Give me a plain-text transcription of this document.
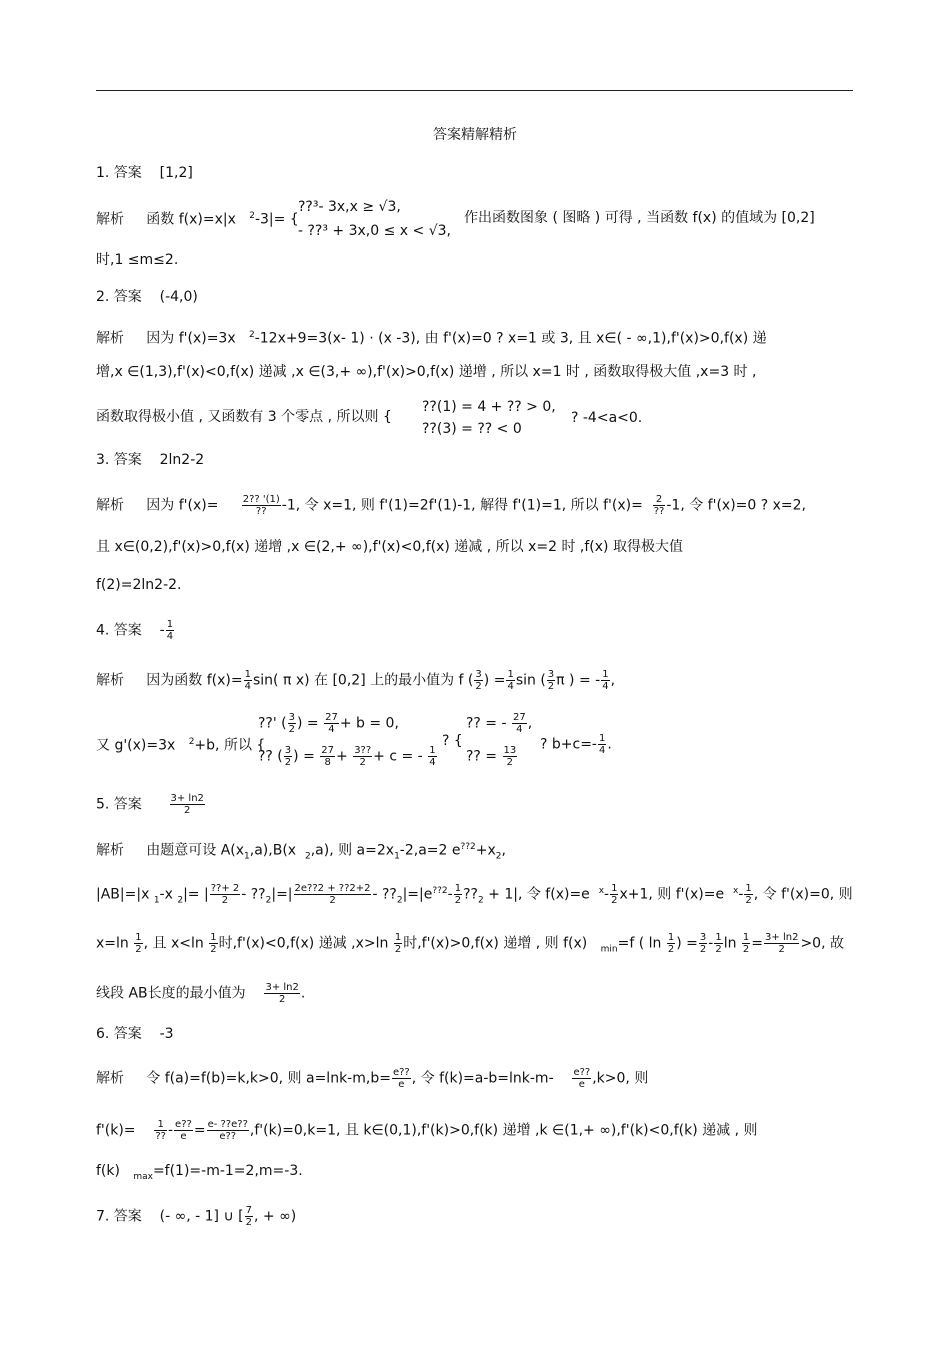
答案精解精析
1. 答案 [1,2]
解析 函数 f(x)=x|x $^2$-3|= {
??³- 3x,x ≥ √3,
- ??³ + 3x,0 ≤ x < √3,
作出函数图象 ( 图略 ) 可得 , 当函数 f(x) 的值域为 [0,2]
时,1 ≤m≤2.
2. 答案 (-4,0)
解析 因为 f'(x)=3x $^2$-12x+9=3(x- 1) · (x -3), 由 f'(x)=0 ? x=1 或 3, 且 x∈( - ∞,1),f'(x)>0,f(x) 递
增,x ∈(1,3),f'(x)<0,f(x) 递减 ,x ∈(3,+ ∞),f'(x)>0,f(x) 递增 , 所以 x=1 时 , 函数取得极大值 ,x=3 时 ,
函数取得极小值 , 又函数有 3 个零点 , 所以则 {
??(1) = 4 + ?? > 0,
??(3) = ?? < 0
? -4<a<0.
3. 答案 2ln2-2
解析 因为 $f'(x)= \frac{2?? '(1)}{??} -1$, 令 x=1, 则 f'(1)=2f'(1)-1, 解得 f'(1)=1, 所以 $f'(x)= \frac{2}{??} -1$, 令 f'(x)=0 ? x=2,
且 x∈(0,2),f'(x)>0,f(x) 递增 ,x ∈(2,+ ∞),f'(x)<0,f(x) 递减 , 所以 x=2 时 ,f(x) 取得极大值
f(2)=2ln2-2.
4. 答案 - $\frac{1}{4}$
解析 因为函数 $f(x)= \frac{1}{4} \sin$( π x) 在 [0,2] 上的最小值为 f ( $\frac{3}{2}$ ) = $\frac{1}{4}$ sin ( $\frac{3}{2}$ π ) = - $\frac{1}{4}$ ,
又 g'(x)=3x $^2$+b, 所以 {
??' ( $\frac{3}{2}$ ) = $\frac{27}{4} + b = 0$,
?? ( $\frac{3}{2}$ ) = $\frac{27}{8} + \frac{3??}{2} + c$ = - $\frac{1}{4}$
? {
?? = - $\frac{27}{4}$ ,
?? = $\frac{13}{2}$
? $b+c=- \frac{1}{4}$ .
5. 答案	$\frac{3+ \ln 2}{2}$
解析 由题意可设 $A(x_1,a),B(x$ $_2$,a), 则 $a=2x_1-2,a=2$ $e^{??2}+x_2$,
|AB|=|x $_1$-x $_2$|= | $\frac{??+ 2}{2}$ - $??_2|=| \frac{2e??2 + ??2+2}{2}$ - $??_2|=|e^{??2}- \frac{1}{2}$ $??_2 + 1|$, 令 f(x)=e $^x- \frac{1}{2} x+1$, 则 f'(x)=e $^x- \frac{1}{2}$ , 令 f'(x)=0, 则
$x=\ln \frac{1}{2}$ , 且 $x<\ln \frac{1}{2}$ 时,f'(x)<0,f(x) 递减 $,x>\ln \frac{1}{2}$ 时,f'(x)>0,f(x) 递增 , 则 f(x) $_{min}$=f ( $\ln \frac{1}{2}$ ) = $\frac{3}{2} - \frac{1}{2}$ $\ln \frac{1}{2} = \frac{3+ \ln 2}{2} >0$, 故
线段 AB长度的最小值为 $\frac{3+ \ln 2}{2}$ .
6. 答案 -3
解析 令 f(a)=f(b)=k,k>0, 则 $a=\ln k-m,b= \frac{e??}{e}$ , 令 $f(k)=a-b=\ln k-m- \frac{e??}{e} ,k>0$, 则
$f'(k)= \frac{1}{??} - \frac{e??}{e} = \frac{e- ??e??}{e??} ,f'(k)=0,k=1$, 且 k∈(0,1),f'(k)>0,f(k) 递增 ,k ∈(1,+ ∞),f'(k)<0,f(k) 递减 , 则
f(k) $_{max}$=f(1)=-m-1=2,m=-3.
7. 答案 (- ∞, - 1] ∪ [ $\frac{7}{2}$ , + ∞)
